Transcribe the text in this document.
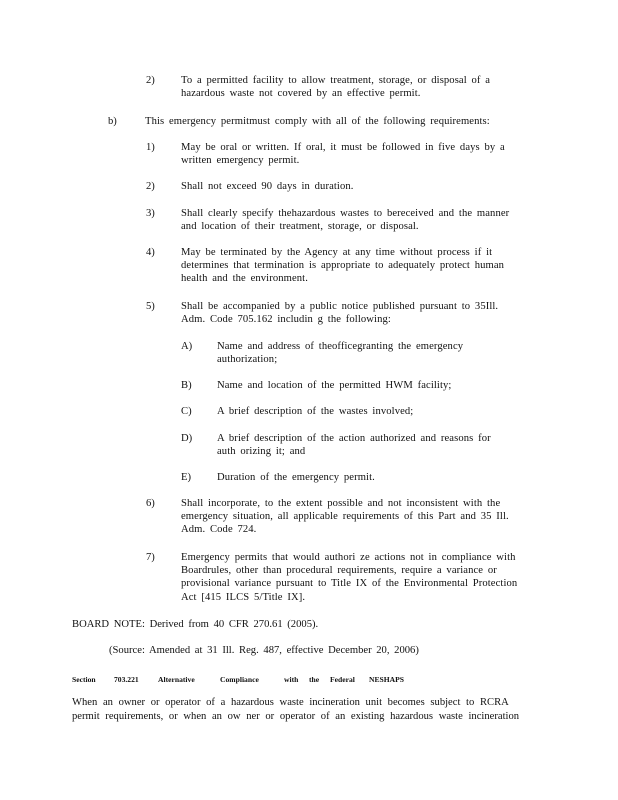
2) To a permitted facility to allow treatment, storage, or disposal of a
hazardous waste not covered by an effective permit.
b)	This emergency permitmust comply with all of the following requirements:
1) May be oral or written. If oral, it must be followed in five days by a
written emergency permit.
2) Shall not exceed 90 days in duration.
3) Shall clearly specify thehazardous wastes to bereceived and the manner
and location of their treatment, storage, or disposal.
4) May be terminated by the Agency at any time without process if it
determines that termination is appropriate to adequately protect human
health and the environment.
5) Shall be accompanied by a public notice published pursuant to 35Ill.
Adm. Code 705.162 includin g the following:
A) Name and address of theofficegranting the emergency
authorization;
B) Name and location of the permitted HWM facility;
C) A brief description of the wastes involved;
D) A brief description of the action authorized and reasons for
auth orizing it; and
E) Duration of the emergency permit.
6) Shall incorporate, to the extent possible and not inconsistent with the
emergency situation, all applicable requirements of this Part and 35 Ill.
Adm. Code 724.
7) Emergency permits that would authori ze actions not in compliance with
Boardrules, other than procedural requirements, require a variance or
provisional variance pursuant to Title IX of the Environmental Protection
Act [415 ILCS 5/Title IX].
BOARD NOTE: Derived from 40 CFR 270.61 (2005).
(Source: Amended at 31 Ill. Reg. 487, effective December 20, 2006)
Section 703.221	Alternative	Compliance	with the Federal NESHAPS
When an owner or operator of a hazardous waste incineration unit becomes subject to RCRA
permit requirements, or when an ow ner or operator of an existing hazardous waste incineration
